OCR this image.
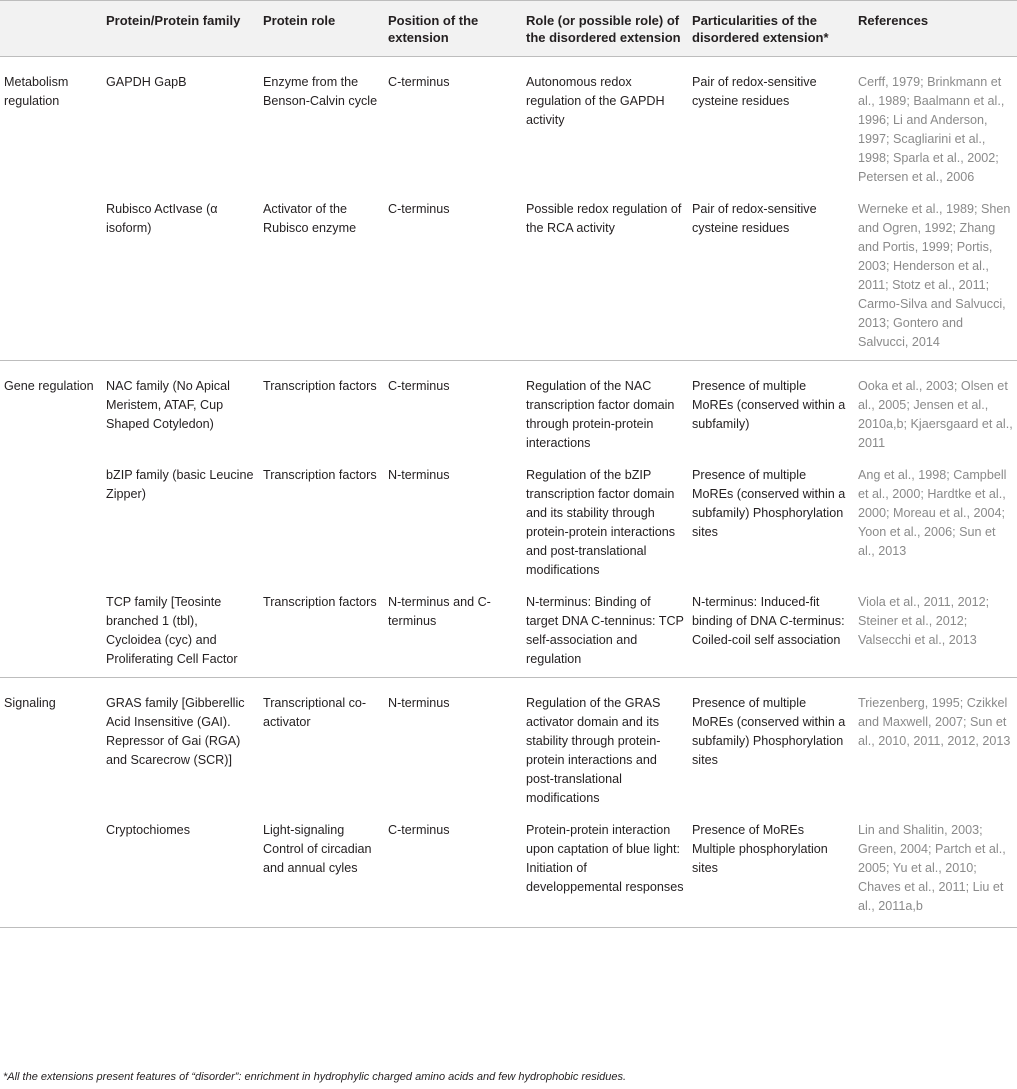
	Protein/Protein family	Protein role	Position of the extension	Role (or possible role) of the disordered extension	Particularities of the disordered extension*	References
Metabolism regulation	GAPDH GapB	Enzyme from the Benson-Calvin cycle	C-terminus	Autonomous redox regulation of the GAPDH activity	Pair of redox-sensitive cysteine residues	Cerff, 1979; Brinkmann et al., 1989; Baalmann et al., 1996; Li and Anderson, 1997; Scagliarini et al., 1998; Sparla et al., 2002; Petersen et al., 2006
	Rubisco ActIvase (α isoform)	Activator of the Rubisco enzyme	C-terminus	Possible redox regulation of the RCA activity	Pair of redox-sensitive cysteine residues	Werneke et al., 1989; Shen and Ogren, 1992; Zhang and Portis, 1999; Portis, 2003; Henderson et al., 2011; Stotz et al., 2011; Carmo-Silva and Salvucci, 2013; Gontero and Salvucci, 2014
Gene regulation	NAC family (No Apical Meristem, ATAF, Cup Shaped Cotyledon)	Transcription factors	C-terminus	Regulation of the NAC transcription factor domain through protein-protein interactions	Presence of multiple MoREs (conserved within a subfamily)	Ooka et al., 2003; Olsen et al., 2005; Jensen et al., 2010a,b; Kjaersgaard et al., 2011
	bZIP family (basic Leucine Zipper)	Transcription factors	N-terminus	Regulation of the bZIP transcription factor domain and its stability through protein-protein interactions and post-translational modifications	Presence of multiple MoREs (conserved within a subfamily) Phosphorylation sites	Ang et al., 1998; Campbell et al., 2000; Hardtke et al., 2000; Moreau et al., 2004; Yoon et al., 2006; Sun et al., 2013
	TCP family [Teosinte branched 1 (tbl), Cycloidea (cyc) and Proliferating Cell Factor	Transcription factors	N-terminus and C-terminus	N-terminus: Binding of target DNA C-tenninus: TCP self-association and regulation	N-terminus: Induced-fit binding of DNA C-terminus: Coiled-coil self association	Viola et al., 2011, 2012; Steiner et al., 2012; Valsecchi et al., 2013
Signaling	GRAS family [Gibberellic Acid Insensitive (GAI). Repressor of Gai (RGA) and Scarecrow (SCR)]	Transcriptional co-activator	N-terminus	Regulation of the GRAS activator domain and its stability through protein-protein interactions and post-translational modifications	Presence of multiple MoREs (conserved within a subfamily) Phosphorylation sites	Triezenberg, 1995; Czikkel and Maxwell, 2007; Sun et al., 2010, 2011, 2012, 2013
	Cryptochiomes	Light-signaling Control of circadian and annual cyles	C-terminus	Protein-protein interaction upon captation of blue light: Initiation of developpemental responses	Presence of MoREs Multiple phosphorylation sites	Lin and Shalitin, 2003; Green, 2004; Partch et al., 2005; Yu et al., 2010; Chaves et al., 2011; Liu et al., 2011a,b
*All the extensions present features of “disorder”: enrichment in hydrophylic charged amino acids and few hydrophobic residues.
